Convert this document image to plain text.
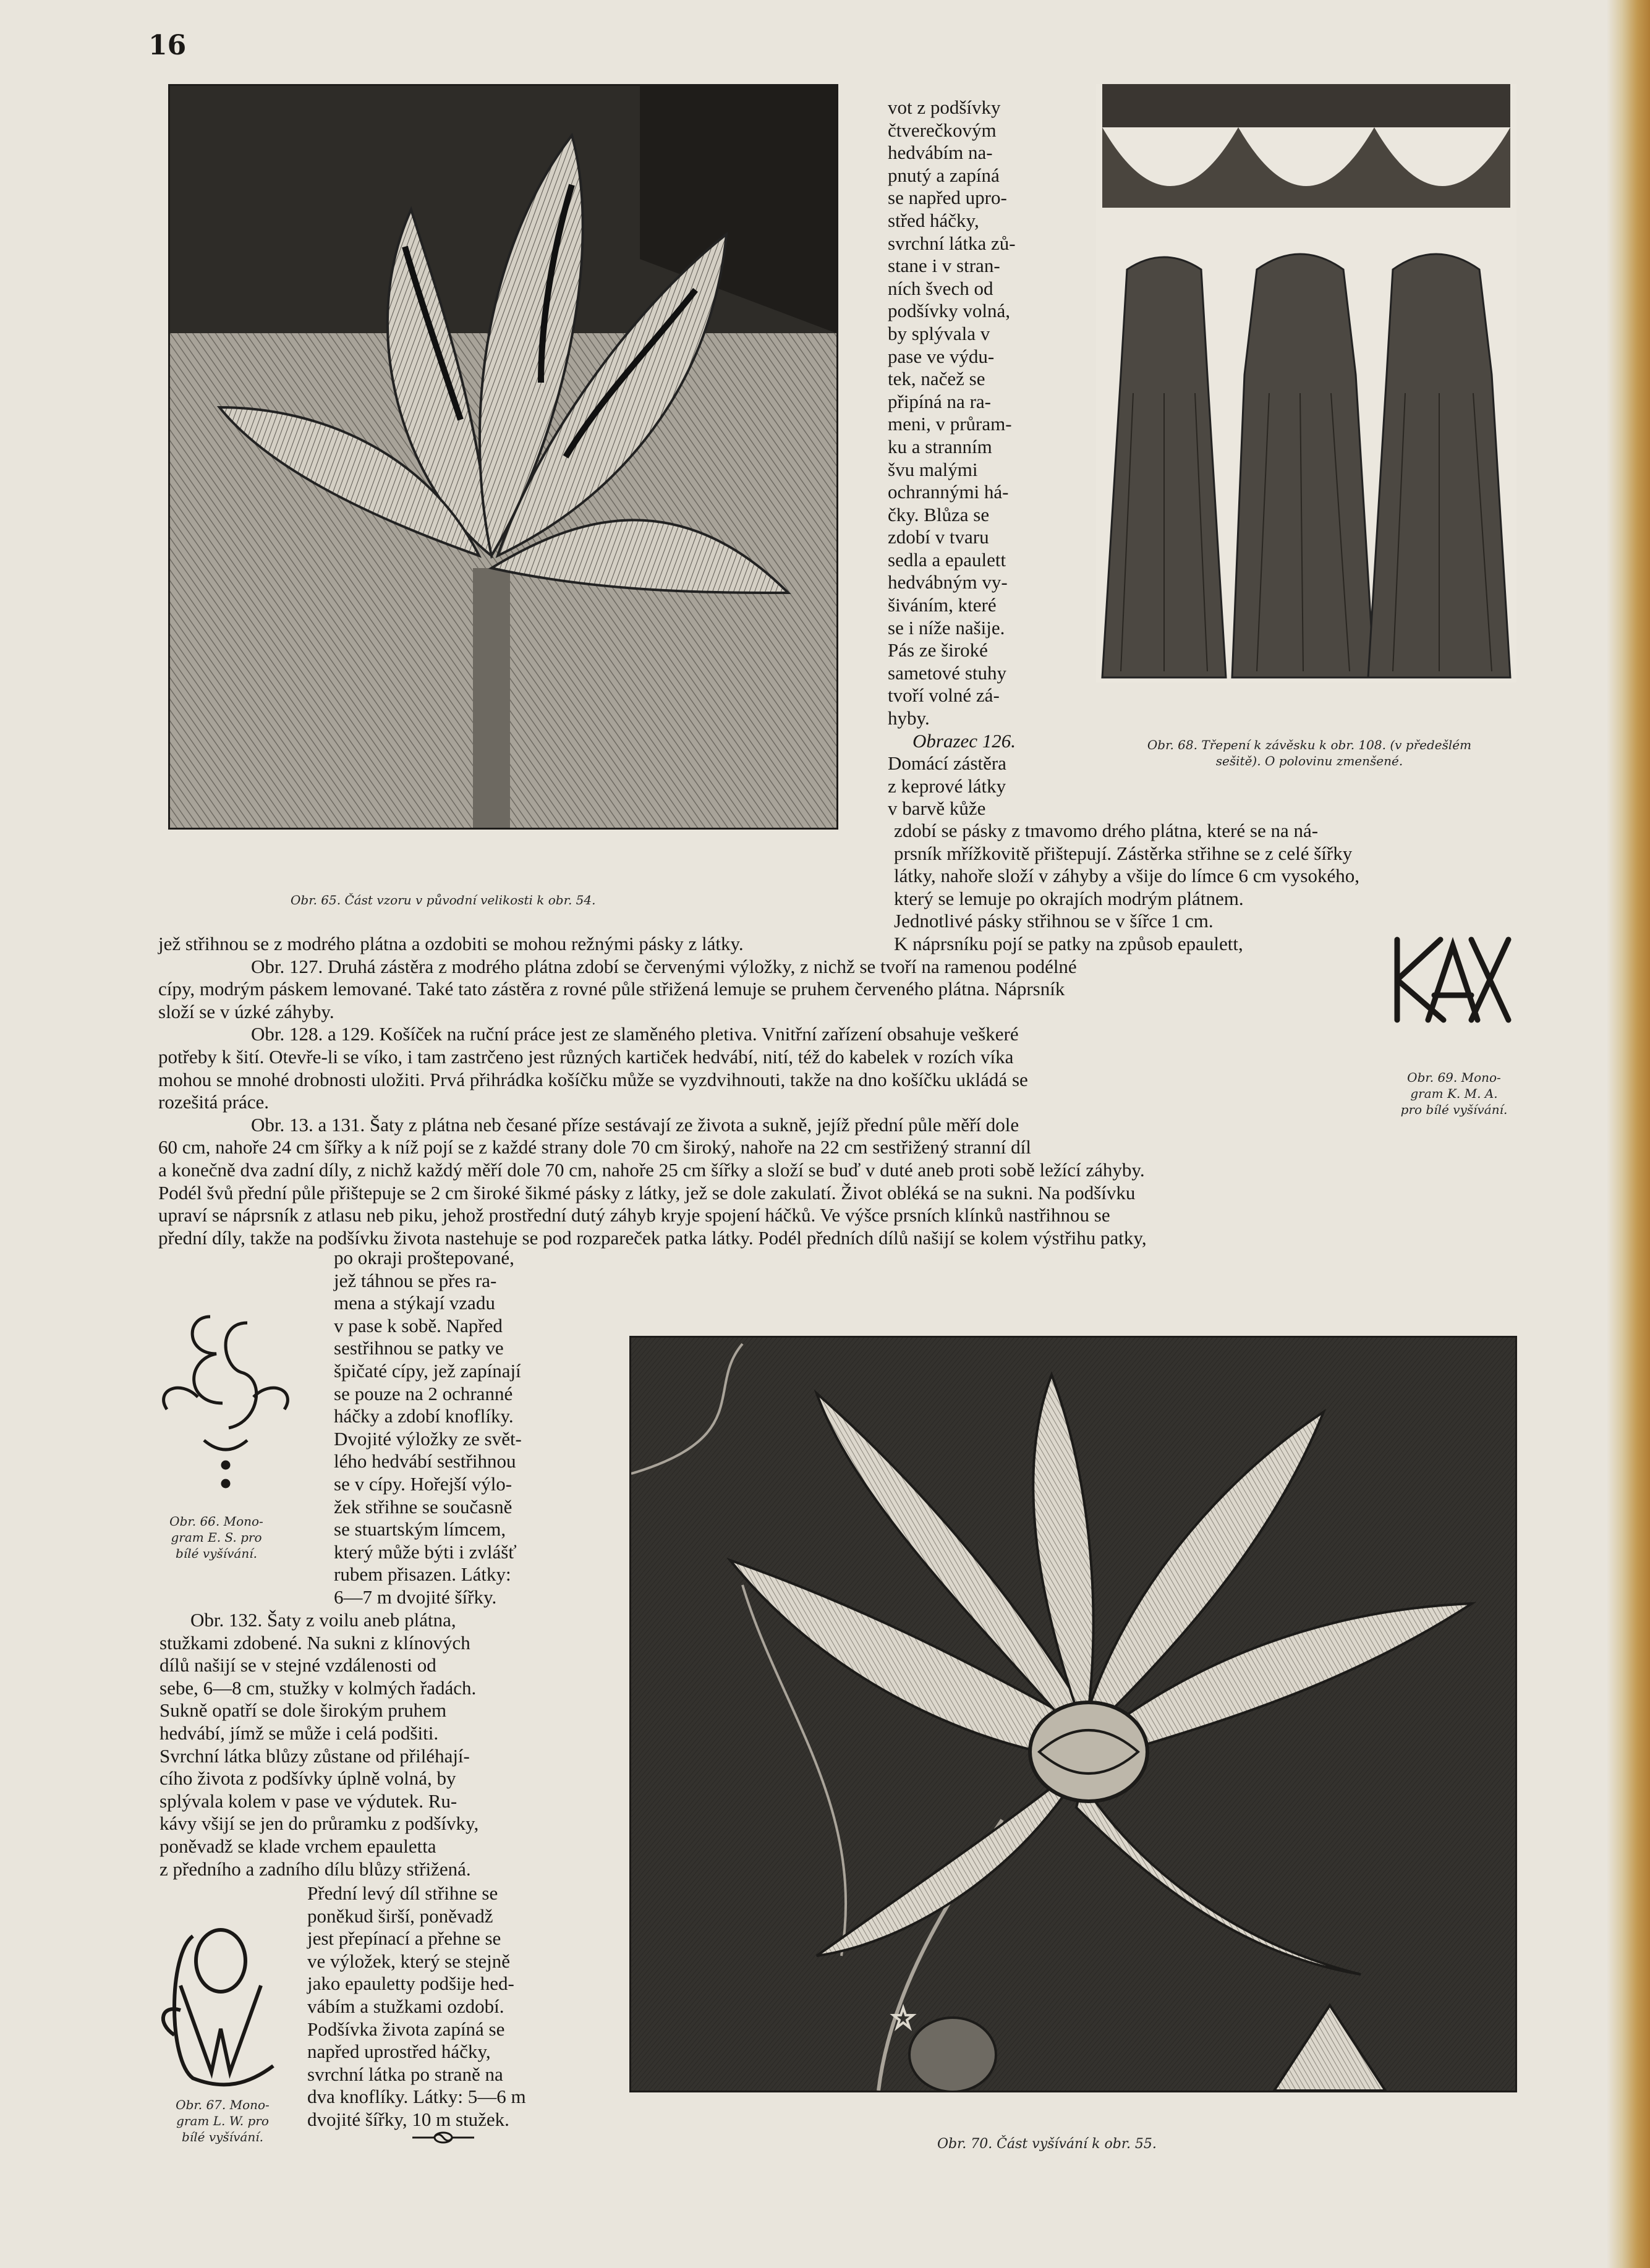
16
Obr. 65. Část vzoru v původní velikosti k obr. 54.
Obr. 68. Třepení k závěsku k obr. 108. (v předešlém
sešitě). O polovinu zmenšené.
vot z podšívky
čtverečkovým
hedvábím na-
pnutý a zapíná
se napřed upro-
střed háčky,
svrchní látka zů-
stane i v stran-
ních švech od
podšívky volná,
by splývala v
pase ve výdu-
tek, načež se
připíná na ra-
meni, v průram-
ku a stranním
švu malými
ochrannými há-
čky. Blůza se
zdobí v tvaru
sedla a epaulett
hedvábným vy-
šiváním, které
se i níže našije.
Pás ze široké
sametové stuhy
tvoří volné zá-
hyby.
Obrazec 126.
Domácí zástěra
z keprové látky
v barvě kůže
zdobí se pásky z tmavomo drého plátna, které se na ná-
prsník mřížkovitě přištepují. Zástěrka střihne se z celé šířky
látky, nahoře složí v záhyby a všije do límce 6 cm vysokého,
který se lemuje po okrajích modrým plátnem.
Jednotlivé pásky střihnou se v šířce 1 cm.
K náprsníku pojí se patky na způsob epaulett,
Obr. 69. Mono-
gram K. M. A.
pro bílé vyšívání.
jež střihnou se z modrého plátna a ozdobiti se mohou režnými pásky z látky.
Obr. 127. Druhá zástěra z modrého plátna zdobí se červenými výložky, z nichž se tvoří na ramenou podélné
cípy, modrým páskem lemované. Také tato zástěra z rovné půle střižená lemuje se pruhem červeného plátna. Náprsník
složí se v úzké záhyby.
Obr. 128. a 129. Košíček na ruční práce jest ze slaměného pletiva. Vnitřní zařízení obsahuje veškeré
potřeby k šití. Otevře-li se víko, i tam zastrčeno jest různých kartiček hedvábí, nití, též do kabelek v rozích víka
mohou se mnohé drobnosti uložiti. Prvá přihrádka košíčku může se vyzdvihnouti, takže na dno košíčku ukládá se
rozešitá práce.
Obr. 13. a 131. Šaty z plátna neb česané příze sestávají ze života a sukně, jejíž přední půle měří dole
60 cm, nahoře 24 cm šířky a k níž pojí se z každé strany dole 70 cm široký, nahoře na 22 cm sestřižený stranní díl
a konečně dva zadní díly, z nichž každý měří dole 70 cm, nahoře 25 cm šířky a složí se buď v duté aneb proti sobě ležící záhyby.
Podél švů přední půle přištepuje se 2 cm široké šikmé pásky z látky, jež se dole zakulatí. Život obléká se na sukni. Na podšívku
upraví se náprsník z atlasu neb piku, jehož prostřední dutý záhyb kryje spojení háčků. Ve výšce prsních klínků nastřihnou se
přední díly, takže na podšívku života nastehuje se pod rozpareček patka látky. Podél předních dílů našijí se kolem výstřihu patky,
Obr. 66. Mono-
gram E. S. pro
bílé vyšívání.
po okraji proštepované,
jež táhnou se přes ra-
mena a stýkají vzadu
v pase k sobě. Napřed
sestřihnou se patky ve
špičaté cípy, jež zapínají
se pouze na 2 ochranné
háčky a zdobí knoflíky.
Dvojité výložky ze svět-
lého hedvábí sestřihnou
se v cípy. Hořejší výlo-
žek střihne se současně
se stuartským límcem,
který může býti i zvlášť
rubem přisazen. Látky:
6—7 m dvojité šířky.
Obr. 132. Šaty z voilu aneb plátna,
stužkami zdobené. Na sukni z klínových
dílů našijí se v stejné vzdálenosti od
sebe, 6—8 cm, stužky v kolmých řadách.
Sukně opatří se dole širokým pruhem
hedvábí, jímž se může i celá podšiti.
Svrchní látka blůzy zůstane od přiléhají-
cího života z podšívky úplně volná, by
splývala kolem v pase ve výdutek. Ru-
kávy všijí se jen do průramku z podšívky,
poněvadž se klade vrchem epauletta
z předního a zadního dílu blůzy střižená.
Obr. 67. Mono-
gram L. W. pro
bílé vyšívání.
Přední levý díl střihne se
poněkud širší, poněvadž
jest přepínací a přehne se
ve výložek, který se stejně
jako epauletty podšije hed-
vábím a stužkami ozdobí.
Podšívka života zapíná se
napřed uprostřed háčky,
svrchní látka po straně na
dva knoflíky. Látky: 5—6 m
dvojité šířky, 10 m stužek.
Obr. 70. Část vyšívání k obr. 55.
